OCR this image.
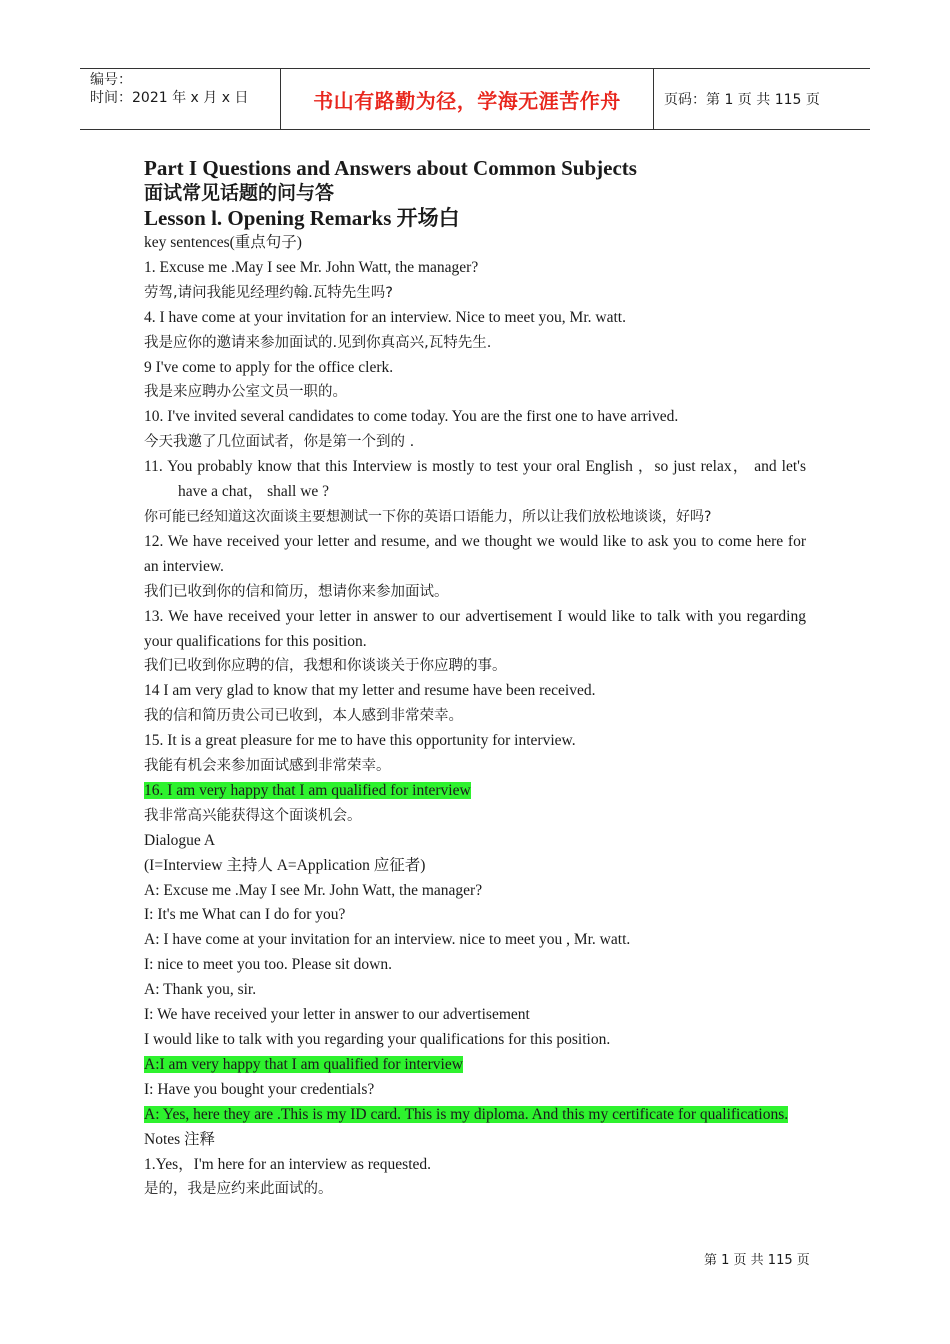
编号：
时间：2021 年 x 月 x 日	书山有路勤为径，学海无涯苦作舟	页码：第 1 页 共 115 页

Part I Questions and Answers about Common Subjects

面试常见话题的问与答

Lesson l. Opening Remarks 开场白

key sentences(重点句子)

1. Excuse me .May I see Mr. John Watt, the manager?

劳驾,请问我能见经理约翰.瓦特先生吗?

4. I have come at your invitation for an interview. Nice to meet you, Mr. watt.

我是应你的邀请来参加面试的.见到你真高兴,瓦特先生.

9 I've come to apply for the office clerk.

我是来应聘办公室文员一职的。

10. I've invited several candidates to come today. You are the first one to have arrived.

今天我邀了几位面试者，你是第一个到的 .

11. You probably know that this Interview is mostly to test your oral English ，so just relax， and let's have a chat， shall we ?

你可能已经知道这次面谈主要想测试一下你的英语口语能力，所以让我们放松地谈谈，好吗?

12. We have received your letter and resume, and we thought we would like to ask you to come here for an interview.

我们已收到你的信和简历，想请你来参加面试。

13. We have received your letter in answer to our advertisement I would like to talk with you regarding your qualifications for this position.

我们已收到你应聘的信，我想和你谈谈关于你应聘的事。

14 I am very glad to know that my letter and resume have been received.

我的信和简历贵公司已收到，本人感到非常荣幸。

15. It is a great pleasure for me to have this opportunity for interview.

我能有机会来参加面试感到非常荣幸。

16. I am very happy that I am qualified for interview

我非常高兴能获得这个面谈机会。

Dialogue A

(I=Interview 主持人 A=Application 应征者)

A: Excuse me .May I see Mr. John Watt, the manager?

I: It's me What can I do for you?

A: I have come at your invitation for an interview. nice to meet you , Mr. watt.

I: nice to meet you too. Please sit down.

A: Thank you, sir.

I: We have received your letter in answer to our advertisement

I would like to talk with you regarding your qualifications for this position.

A:I am very happy that I am qualified for interview

I: Have you bought your credentials?

A: Yes, here they are .This is my ID card. This is my diploma. And this my certificate for qualifications.

Notes 注释

1.Yes，I'm here for an interview as requested.

是的，我是应约来此面试的。

第 1 页 共 115 页
